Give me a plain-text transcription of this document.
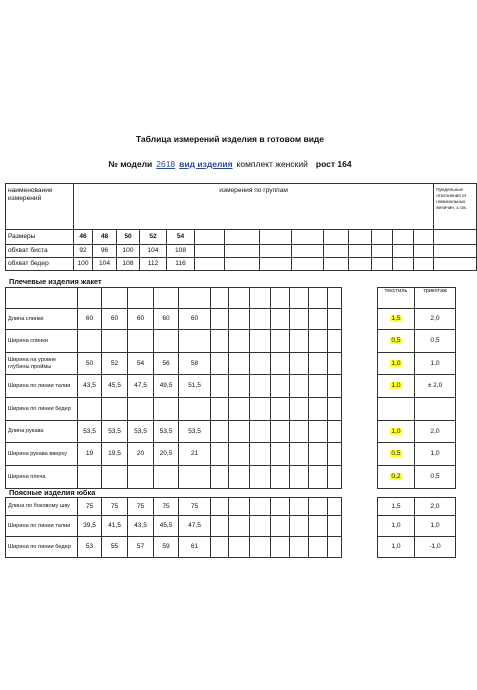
Таблица измерений изделия в готовом виде
№ модели 2618 вид изделия комплект женский рост 164
наименование измерений	измерения по группам														Предельные отклонения от номинальных величин, ± см.
Размеры	46	48	50	52	54										
обхват биста	92	96	100	104	108										
обхват бедер	100	104	108	112	116										
Плечевые изделия жакет
														текстиль	трикотаж
Длина спинки	60	60	60	60	60									1,5	2,0
Ширина спинки														0,5	0,5
Ширина на уровне глубины проймы	50	52	54	56	58									1,0	1,0
Ширина по линии талии	43,5	45,5	47,5	49,5	51,5									1,0	± 2,0
Ширина по линии бедер															
Длина рукава	53,5	53,5	53,5	53,5	53,5									1,0	2,0
Ширина рукава вверху	19	19,5	20	20,5	21									0,5	1,0
Ширина плеча														0,2	0,5
Поясные изделия юбка
Длина по боковому шву	75	75	75	75	75									1,5	2,0
Ширина по линии талии	39,5	41,5	43,5	45,5	47,5									1,0	1,0
Ширина по линии бедер	53	55	57	59	61									1,0	-1,0
